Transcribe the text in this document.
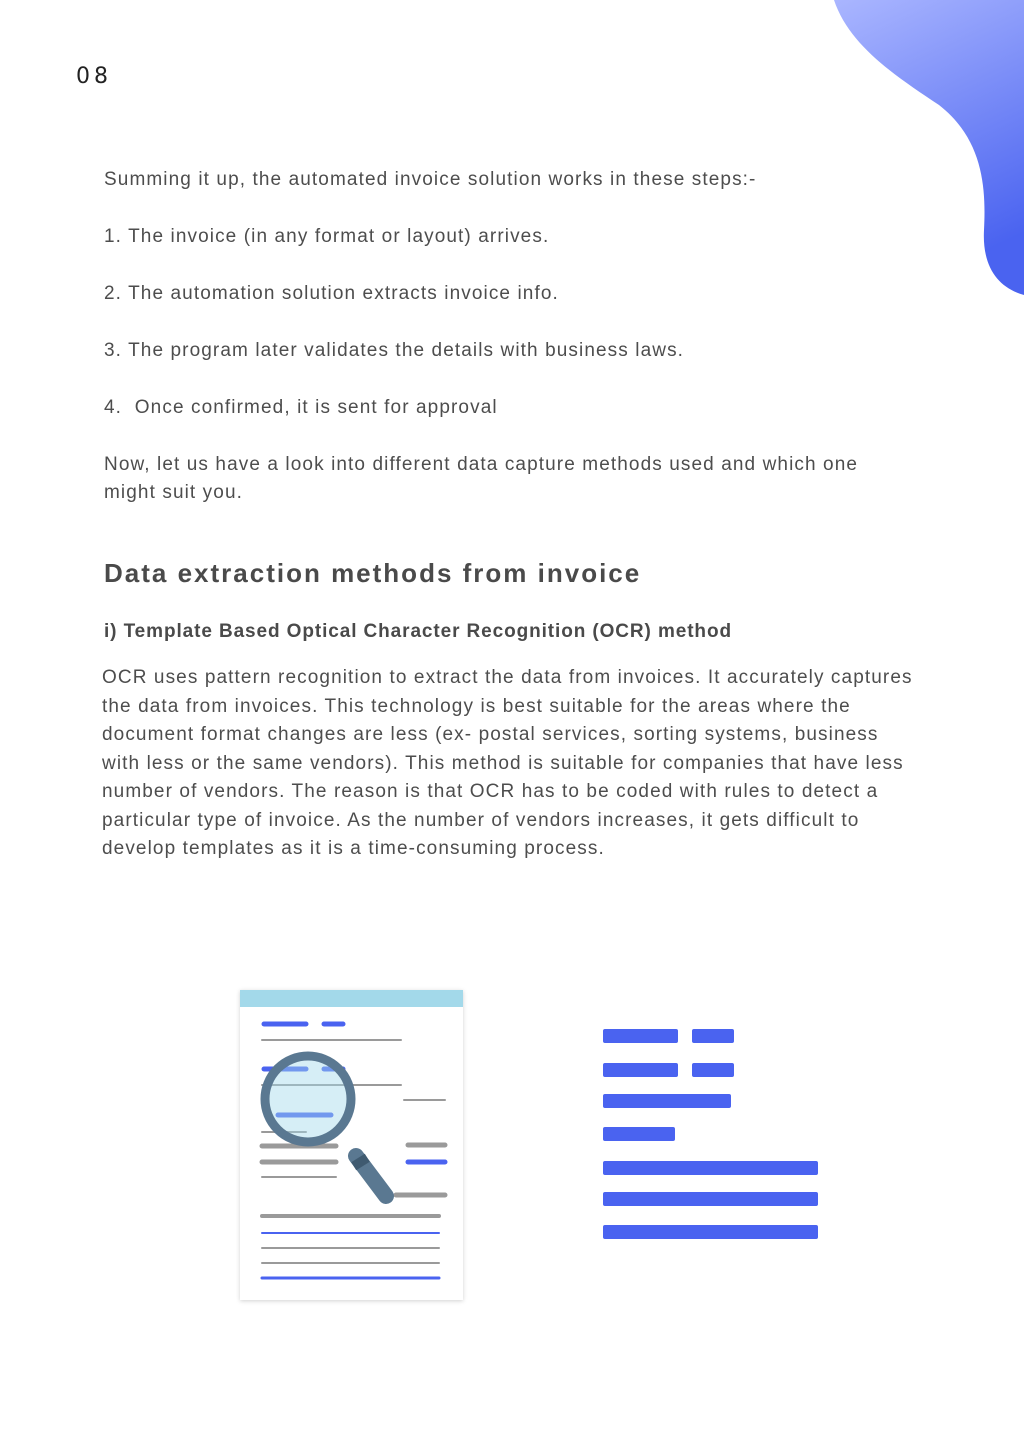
08
Summing it up, the automated invoice solution works in these steps:-
1. The invoice (in any format or layout) arrives.
2. The automation solution extracts invoice info.
3. The program later validates the details with business laws.
4.  Once confirmed, it is sent for approval
Now, let us have a look into different data capture methods used and which one might suit you.
Data extraction methods from invoice
i) Template Based Optical Character Recognition (OCR) method
OCR uses pattern recognition to extract the data from invoices. It accurately captures the data from invoices. This technology is best suitable for the areas where the document format changes are less (ex- postal services, sorting systems, business with less or the same vendors). This method is suitable for companies that have less number of vendors. The reason is that OCR has to be coded with rules to detect a particular type of invoice. As the number of vendors increases, it gets difficult to develop templates as it is a time-consuming process.
